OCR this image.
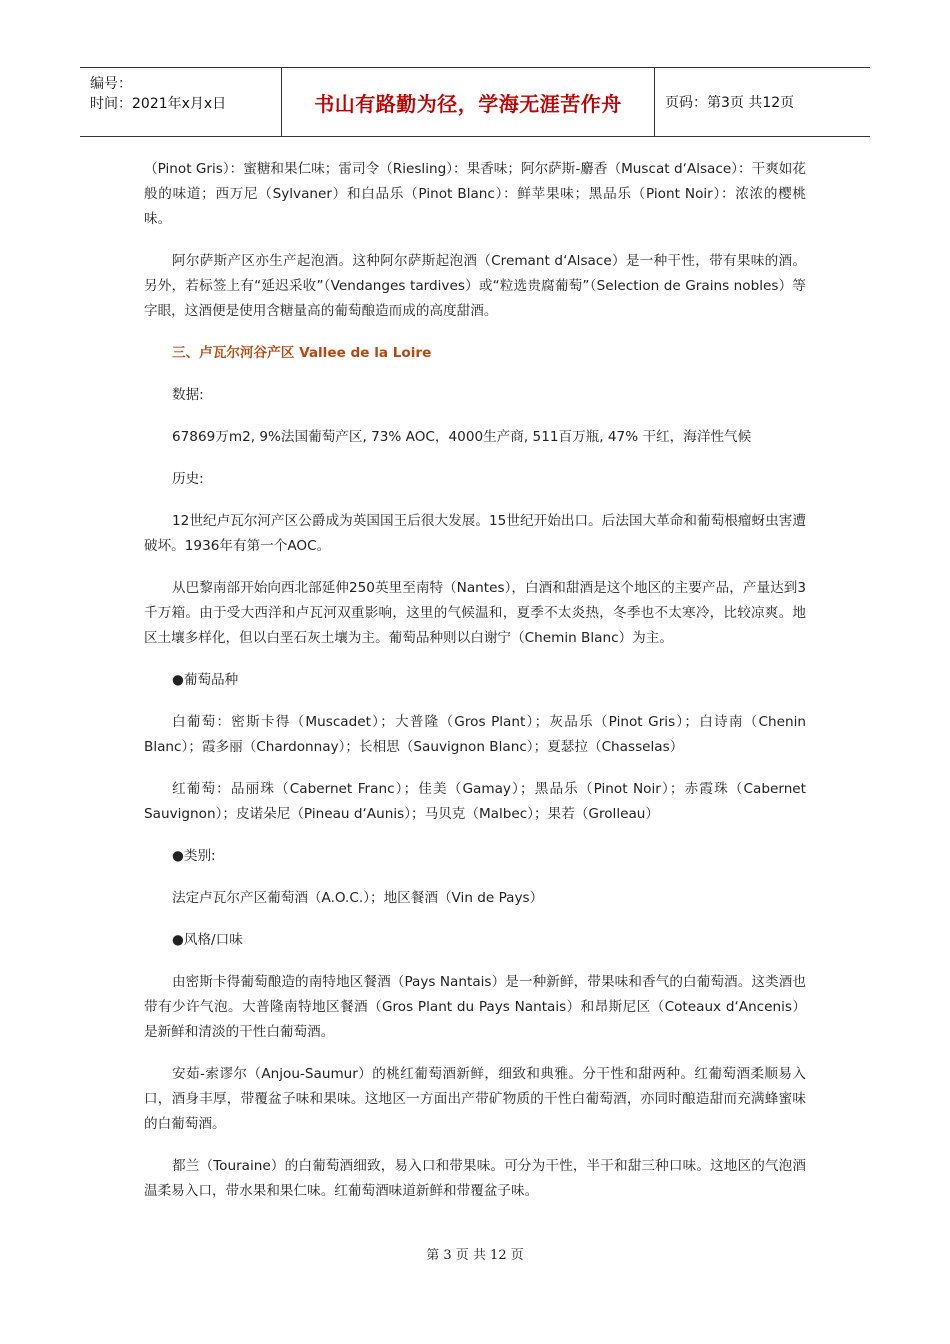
编号：
时间：2021年x月x日	书山有路勤为径，学海无涯苦作舟	页码：第3页 共12页

（Pinot Gris）：蜜糖和果仁味；雷司令（Riesling）：果香味；阿尔萨斯-麝香（Muscat d‘Alsace）：干爽如花般的味道；西万尼（Sylvaner）和白品乐（Pinot Blanc）：鲜苹果味；黑品乐（Piont Noir）：浓浓的樱桃味。

阿尔萨斯产区亦生产起泡酒。这种阿尔萨斯起泡酒（Cremant d‘Alsace）是一种干性，带有果味的酒。另外，若标签上有“延迟采收”（Vendanges tardives）或“粒选贵腐葡萄”（Selection de Grains nobles）等字眼，这酒便是使用含糖量高的葡萄酿造而成的高度甜酒。

三、卢瓦尔河谷产区 Vallee de la Loire

数据:

67869万m2, 9%法国葡萄产区, 73% AOC，4000生产商, 511百万瓶, 47% 干红，海洋性气候

历史:

12世纪卢瓦尔河产区公爵成为英国国王后很大发展。15世纪开始出口。后法国大革命和葡萄根瘤蚜虫害遭破坏。1936年有第一个AOC。

从巴黎南部开始向西北部延伸250英里至南特（Nantes），白酒和甜酒是这个地区的主要产品，产量达到3千万箱。由于受大西洋和卢瓦河双重影响，这里的气候温和，夏季不太炎热，冬季也不太寒冷，比较凉爽。地区土壤多样化，但以白垩石灰土壤为主。葡萄品种则以白谢宁（Chemin Blanc）为主。

●葡萄品种

白葡萄：密斯卡得（Muscadet）；大普隆（Gros Plant）；灰品乐（Pinot Gris）；白诗南（Chenin Blanc）；霞多丽（Chardonnay）；长相思（Sauvignon Blanc）；夏瑟拉（Chasselas）

红葡萄：品丽珠（Cabernet Franc）；佳美（Gamay）；黑品乐（Pinot Noir）；赤霞珠（Cabernet Sauvignon）；皮诺朵尼（Pineau d‘Aunis）；马贝克（Malbec）；果若（Grolleau）

●类别:

法定卢瓦尔产区葡萄酒（A.O.C.）；地区餐酒（Vin de Pays）

●风格/口味

由密斯卡得葡萄酿造的南特地区餐酒（Pays Nantais）是一种新鲜，带果味和香气的白葡萄酒。这类酒也带有少许气泡。大普隆南特地区餐酒（Gros Plant du Pays Nantais）和昂斯尼区（Coteaux d‘Ancenis）是新鲜和清淡的干性白葡萄酒。

安茹-索谬尔（Anjou-Saumur）的桃红葡萄酒新鲜，细致和典雅。分干性和甜两种。红葡萄酒柔顺易入口，酒身丰厚，带覆盆子味和果味。这地区一方面出产带矿物质的干性白葡萄酒，亦同时酿造甜而充满蜂蜜味的白葡萄酒。

都兰（Touraine）的白葡萄酒细致，易入口和带果味。可分为干性，半干和甜三种口味。这地区的气泡酒温柔易入口，带水果和果仁味。红葡萄酒味道新鲜和带覆盆子味。

第 3 页 共 12 页
